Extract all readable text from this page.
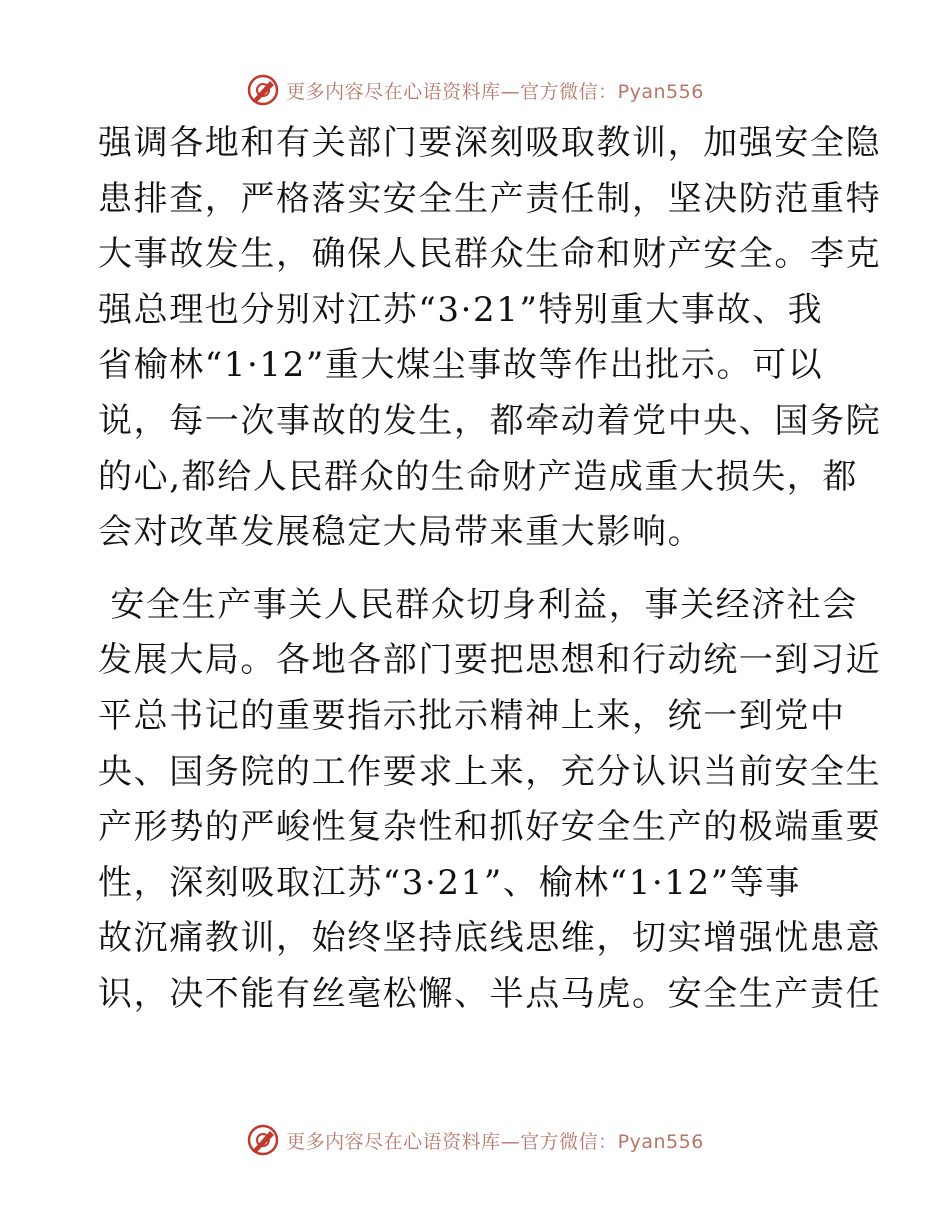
更多内容尽在心语资料库—官方微信：Pyan556

强调各地和有关部门要深刻吸取教训，加强安全隐
患排查，严格落实安全生产责任制，坚决防范重特
大事故发生，确保人民群众生命和财产安全。李克
强总理也分别对江苏“3·21”特别重大事故、我
省榆林“1·12”重大煤尘事故等作出批示。可以
说，每一次事故的发生，都牵动着党中央、国务院
的心,都给人民群众的生命财产造成重大损失，都
会对改革发展稳定大局带来重大影响。

安全生产事关人民群众切身利益，事关经济社会
发展大局。各地各部门要把思想和行动统一到习近
平总书记的重要指示批示精神上来，统一到党中
央、国务院的工作要求上来，充分认识当前安全生
产形势的严峻性复杂性和抓好安全生产的极端重要
性，深刻吸取江苏“3·21”、榆林“1·12”等事
故沉痛教训，始终坚持底线思维，切实增强忧患意
识，决不能有丝毫松懈、半点马虎。安全生产责任

更多内容尽在心语资料库—官方微信：Pyan556
